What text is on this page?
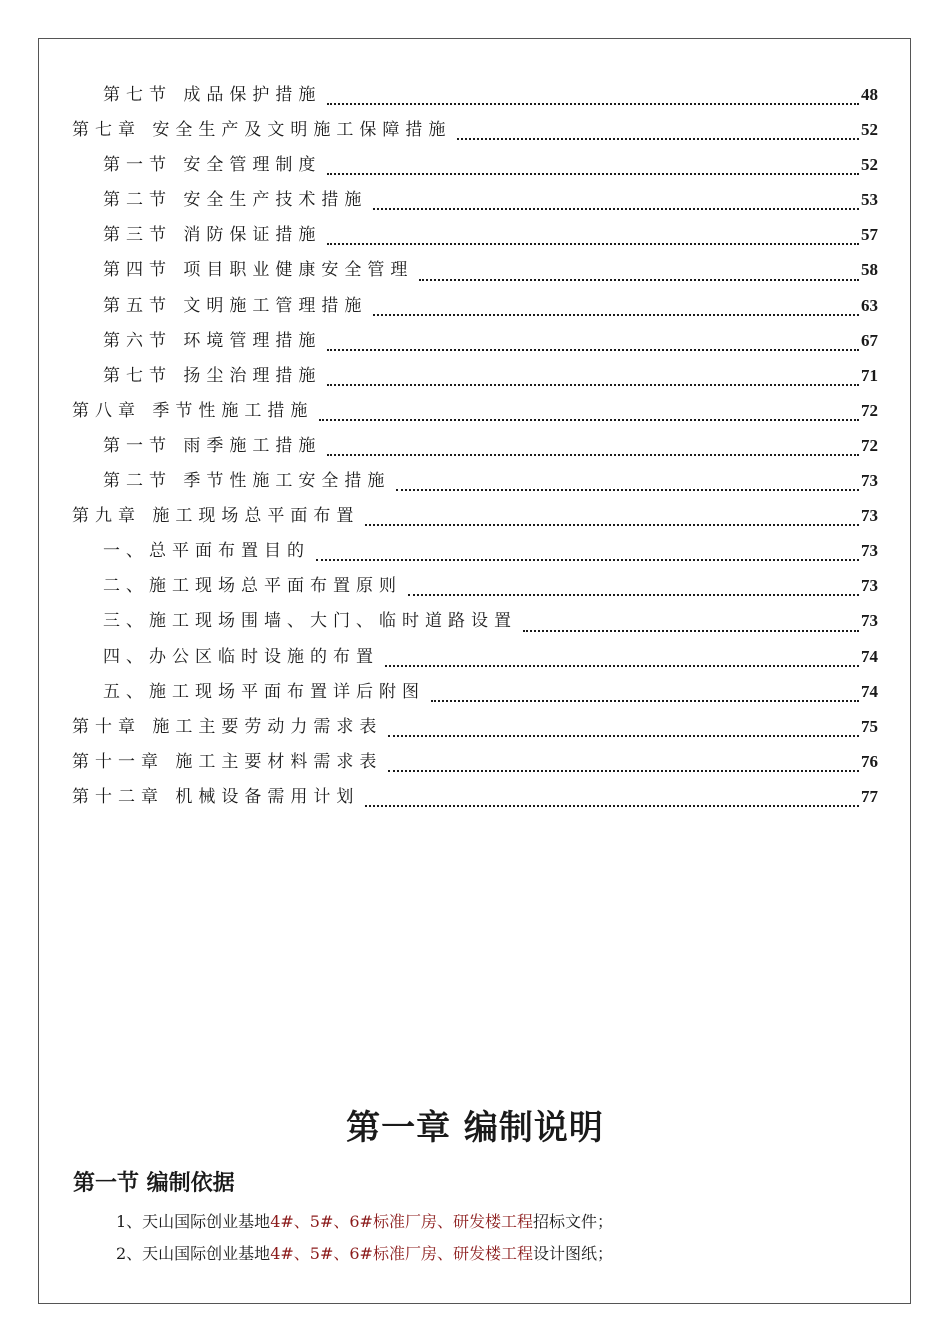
第七节 成品保护措施	48
第七章 安全生产及文明施工保障措施	52
第一节 安全管理制度	52
第二节 安全生产技术措施	53
第三节 消防保证措施	57
第四节 项目职业健康安全管理	58
第五节 文明施工管理措施	63
第六节 环境管理措施	67
第七节 扬尘治理措施	71
第八章 季节性施工措施	72
第一节 雨季施工措施	72
第二节 季节性施工安全措施	73
第九章 施工现场总平面布置	73
一、总平面布置目的	73
二、施工现场总平面布置原则	73
三、施工现场围墙、大门、临时道路设置	73
四、办公区临时设施的布置	74
五、施工现场平面布置详后附图	74
第十章 施工主要劳动力需求表	75
第十一章 施工主要材料需求表	76
第十二章 机械设备需用计划	77
第一章 编制说明
第一节 编制依据
1、天山国际创业基地4#、5#、6#标准厂房、研发楼工程招标文件；
2、天山国际创业基地4#、5#、6#标准厂房、研发楼工程设计图纸；
